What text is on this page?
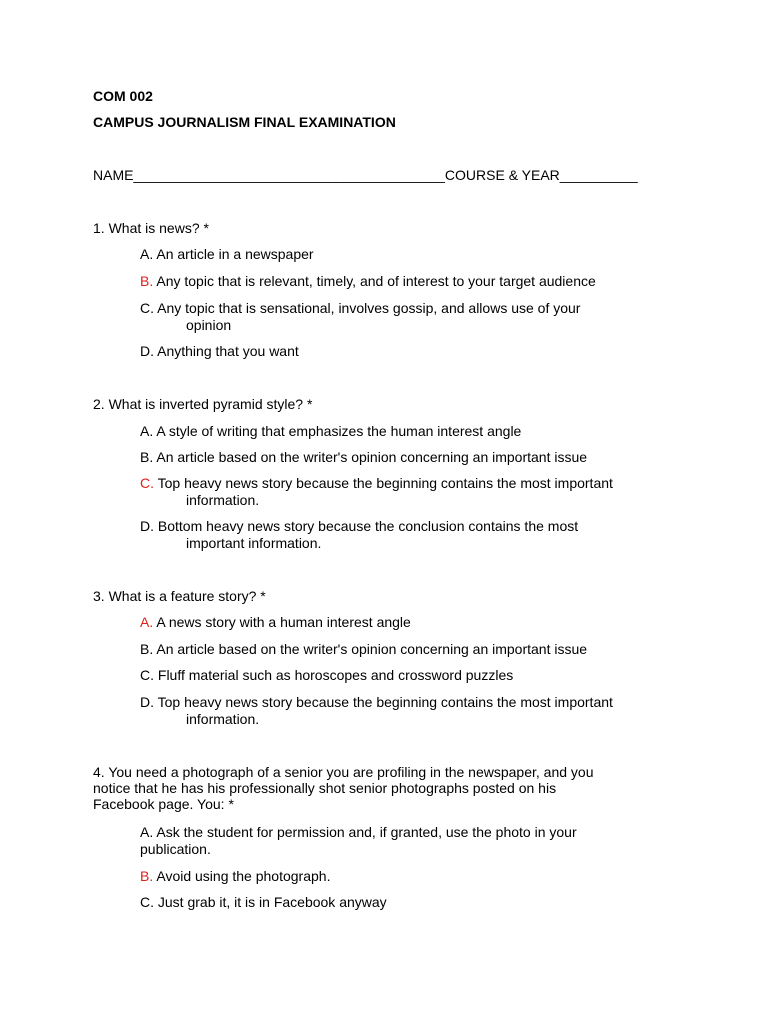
COM 002
CAMPUS JOURNALISM FINAL EXAMINATION
NAME________________________________________COURSE & YEAR__________
1. What is news? *
A. An article in a newspaper
B. Any topic that is relevant, timely, and of interest to your target audience
C. Any topic that is sensational, involves gossip, and allows use of your
opinion
D. Anything that you want
2. What is inverted pyramid style? *
A. A style of writing that emphasizes the human interest angle
B. An article based on the writer's opinion concerning an important issue
C. Top heavy news story because the beginning contains the most important
information.
D. Bottom heavy news story because the conclusion contains the most
important information.
3. What is a feature story? *
A. A news story with a human interest angle
B. An article based on the writer's opinion concerning an important issue
C. Fluff material such as horoscopes and crossword puzzles
D. Top heavy news story because the beginning contains the most important
information.
4. You need a photograph of a senior you are profiling in the newspaper, and you
notice that he has his professionally shot senior photographs posted on his
Facebook page. You: *
A. Ask the student for permission and, if granted, use the photo in your
publication.
B. Avoid using the photograph.
C. Just grab it, it is in Facebook anyway
